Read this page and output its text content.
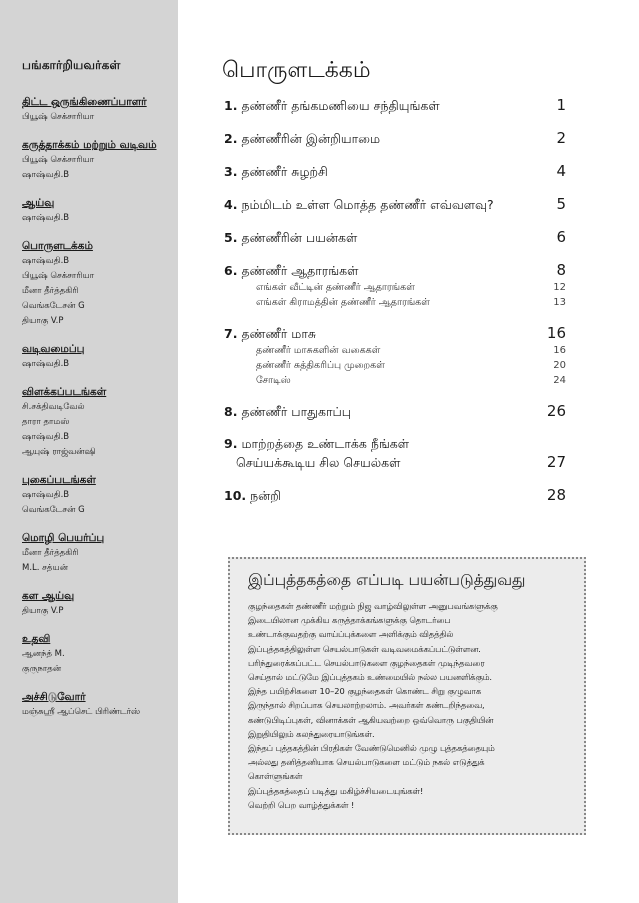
பங்கார்றியவர்கள்
திட்ட ஒருங்கிணைப்பாளர்
பியூஷ் செக்சாரியா
கருத்தாக்கம் மற்றும் வடிவம்
பியூஷ் செக்சாரியா
ஷாஷ்வதி.B
ஆய்வு
ஷாஷ்வதி.B
பொருளடக்கம்
ஷாஷ்வதி.B
பியூஷ் செக்சாரியா
மீனா தீர்த்தகிரி
வெங்கடேசன் G
தியாகு V.P
வடிவமைப்பு
ஷாஷ்வதி.B
விளக்கப்படங்கள்
சி.சக்திவடிவேல்
தாரா தாமஸ்
ஷாஷ்வதி.B
ஆயுஷ் ராஜ்வன்ஷி
புகைப்படங்கள்
ஷாஷ்வதி.B
வெங்கடேசன் G
மொழி பெயர்ப்பு
மீனா தீர்த்தகிரி
M.L. சத்யன்
கள ஆய்வு
தியாகு V.P
உதவி
ஆனந்த் M.
குருநாதன்
அச்சிடுவோர்
மஞ்சுஸ்ரீ ஆப்செட் பிரிண்டர்ஸ்
பொருளடக்கம்
1. தண்ணீர் தங்கமணியை சந்தியுங்கள்	1
2. தண்ணீரின் இன்றியாமை	2
3. தண்ணீர் சுழற்சி	4
4. நம்மிடம் உள்ள மொத்த தண்ணீர் எவ்வளவு?	5
5. தண்ணீரின் பயன்கள்	6
6. தண்ணீர் ஆதாரங்கள்	8
எங்கள் வீட்டின் தண்ணீர் ஆதாரங்கள்	12
எங்கள் கிராமத்தின் தண்ணீர் ஆதாரங்கள்	13
7. தண்ணீர் மாசு	16
தண்ணீர் மாசுகளின் வகைகள்	16
தண்ணீர் சுத்திகரிப்பு முறைகள்	20
சோடிஸ்	24
8. தண்ணீர் பாதுகாப்பு	26
9. மாற்றத்தை உண்டாக்க நீங்கள்
செய்யக்கூடிய சில செயல்கள்	27
10. நன்றி	28
இப்புத்தகத்தை எப்படி பயன்படுத்துவது
குழந்தைகள் தண்ணீர் மற்றும் நிஜ வாழ்விலுள்ள அனுபவங்களுக்கு
இடையிலான முக்கிய கருத்தாக்கங்களுக்கு தொடர்பை
உண்டாக்குவதற்கு வாய்ப்புக்களை அளிக்கும் விதத்தில்
இப்புத்தகத்திலுள்ள செயல்பாடுகள் வடிவமைக்கப்பட்டுள்ளன.
பரிந்துரைக்கப்பட்ட செயல்பாடுகளை குழந்தைகள் முடிந்தவரை
செய்தால் மட்டுமே இப்புத்தகம் உண்மையில் நல்ல பயனளிக்கும்.
இந்த பயிற்சிகளை 10–20 குழந்தைகள் கொண்ட சிறு குழுவாக
இருந்தால் சிறப்பாக செயலாற்றலாம். அவர்கள் கண்டறிந்தவை,
கண்டுபிடிப்புகள், வினாக்கள் ஆகியவற்றை ஒவ்வொரு பகுதியின்
இறுதியிலும் கலந்துரையாடுங்கள்.
இந்தப் புத்தகத்தின் பிரதிகள் வேண்டுமெனில் முழு புத்தகத்தையும்
அல்லது தனித்தனியாக செயல்பாடுகளை மட்டும் நகல் எடுத்துக்
கொள்ளுங்கள்
இப்புத்தகத்தைப் படித்து மகிழ்ச்சியடையுங்கள்!
வெற்றி பெற வாழ்த்துக்கள் !
